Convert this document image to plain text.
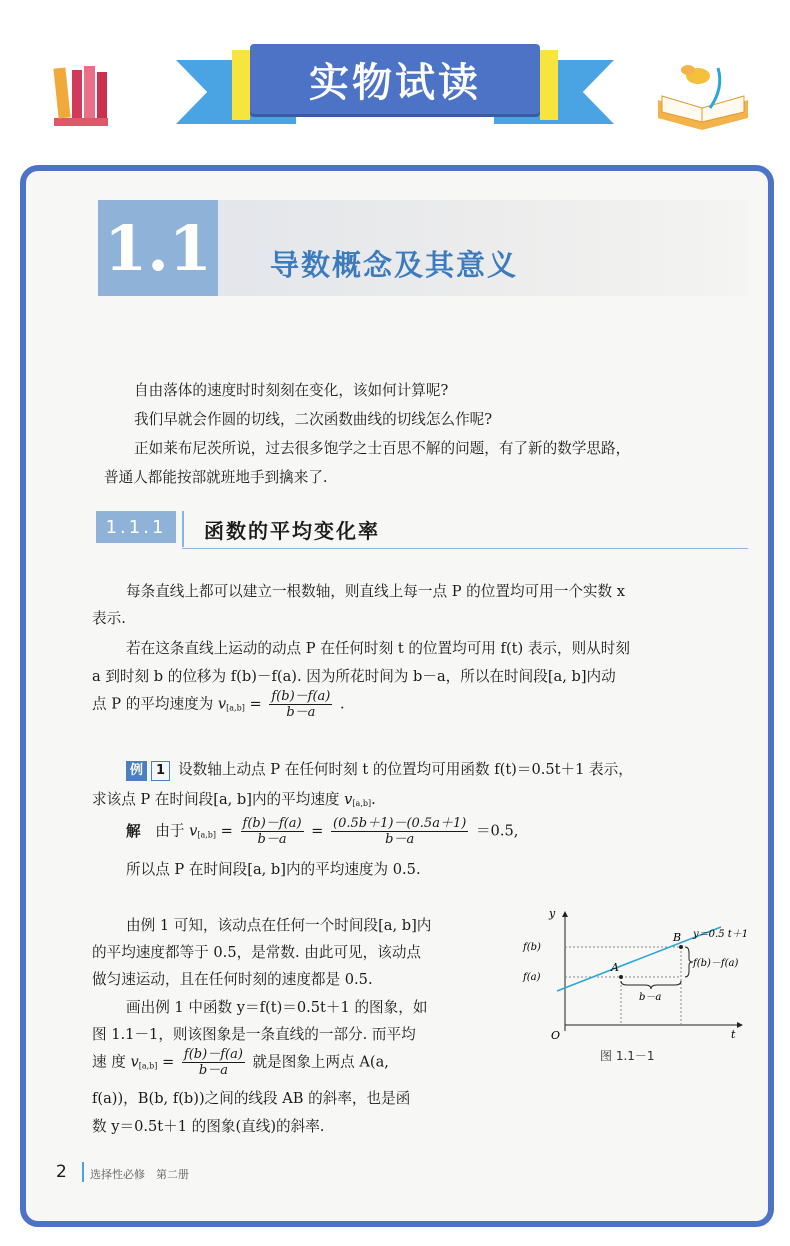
实物试读
1.1 导数概念及其意义
自由落体的速度时时刻刻在变化，该如何计算呢?
我们早就会作圆的切线，二次函数曲线的切线怎么作呢?
正如莱布尼茨所说，过去很多饱学之士百思不解的问题，有了新的数学思路，
普通人都能按部就班地手到擒来了.
1.1.1	函数的平均变化率
每条直线上都可以建立一根数轴，则直线上每一点 P 的位置均可用一个实数 x
表示.
若在这条直线上运动的动点 P 在任何时刻 t 的位置均可用 f(t) 表示，则从时刻
a 到时刻 b 的位移为 f(b)－f(a). 因为所花时间为 b－a，所以在时间段[a, b]内动
点 P 的平均速度为 $v_{[a,b]} = \frac{f(b)-f(a)}{b-a}$ .
例 1 设数轴上动点 P 在任何时刻 t 的位置均可用函数 f(t)＝0.5t＋1 表示，
求该点 P 在时间段[a, b]内的平均速度 $v_{[a,b]}$.
解 由于 $v_{[a,b]} = \frac{f(b)-f(a)}{b-a} = \frac{(0.5b+1)-(0.5a+1)}{b-a} =0.5$,
所以点 P 在时间段[a, b]内的平均速度为 0.5.
由例 1 可知，该动点在任何一个时间段[a, b]内
的平均速度都等于 0.5，是常数. 由此可见，该动点
做匀速运动，且在任何时刻的速度都是 0.5.
画出例 1 中函数 y＝f(t)＝0.5t＋1 的图象，如
图 1.1－1，则该图象是一条直线的一部分. 而平均
速 度 $v_{[a,b]} = \frac{f(b)-f(a)}{b-a}$ 就是图象上两点 A(a,
f(a))，B(b, f(b))之间的线段 AB 的斜率，也是函
数 y＝0.5t＋1 的图象(直线)的斜率.
y
t
O
A
B y＝0.5 t＋1
f(b)
f(a)
f(b)－f(a)
b－a
图 1.1－1
2 选择性必修　第二册
